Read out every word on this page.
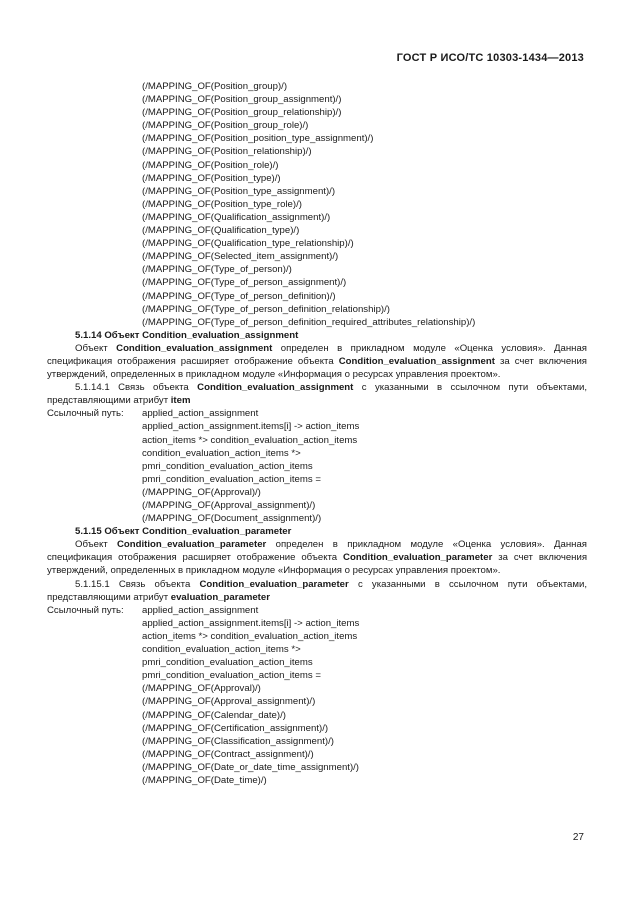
ГОСТ Р ИСО/ТС 10303-1434—2013
(/MAPPING_OF(Position_group)/)
(/MAPPING_OF(Position_group_assignment)/)
(/MAPPING_OF(Position_group_relationship)/)
(/MAPPING_OF(Position_group_role)/)
(/MAPPING_OF(Position_position_type_assignment)/)
(/MAPPING_OF(Position_relationship)/)
(/MAPPING_OF(Position_role)/)
(/MAPPING_OF(Position_type)/)
(/MAPPING_OF(Position_type_assignment)/)
(/MAPPING_OF(Position_type_role)/)
(/MAPPING_OF(Qualification_assignment)/)
(/MAPPING_OF(Qualification_type)/)
(/MAPPING_OF(Qualification_type_relationship)/)
(/MAPPING_OF(Selected_item_assignment)/)
(/MAPPING_OF(Type_of_person)/)
(/MAPPING_OF(Type_of_person_assignment)/)
(/MAPPING_OF(Type_of_person_definition)/)
(/MAPPING_OF(Type_of_person_definition_relationship)/)
(/MAPPING_OF(Type_of_person_definition_required_attributes_relationship)/)
5.1.14 Объект Condition_evaluation_assignment
Объект Condition_evaluation_assignment определен в прикладном модуле «Оценка условия». Данная спецификация отображения расширяет отображение объекта Condition_evaluation_assignment за счет включения утверждений, определенных в прикладном модуле «Информация о ресурсах управления проектом».
5.1.14.1 Связь объекта Condition_evaluation_assignment с указанными в ссылочном пути объектами, представляющими атрибут item
Ссылочный путь:	applied_action_assignment
applied_action_assignment.items[i] -> action_items
action_items *> condition_evaluation_action_items
condition_evaluation_action_items *>
pmri_condition_evaluation_action_items
pmri_condition_evaluation_action_items =
(/MAPPING_OF(Approval)/)
(/MAPPING_OF(Approval_assignment)/)
(/MAPPING_OF(Document_assignment)/)
5.1.15 Объект Condition_evaluation_parameter
Объект Condition_evaluation_parameter определен в прикладном модуле «Оценка условия». Данная спецификация отображения расширяет отображение объекта Condition_evaluation_parameter за счет включения утверждений, определенных в прикладном модуле «Информация о ресурсах управления проектом».
5.1.15.1 Связь объекта Condition_evaluation_parameter с указанными в ссылочном пути объектами, представляющими атрибут evaluation_parameter
Ссылочный путь:	applied_action_assignment
applied_action_assignment.items[i] -> action_items
action_items *> condition_evaluation_action_items
condition_evaluation_action_items *>
pmri_condition_evaluation_action_items
pmri_condition_evaluation_action_items =
(/MAPPING_OF(Approval)/)
(/MAPPING_OF(Approval_assignment)/)
(/MAPPING_OF(Calendar_date)/)
(/MAPPING_OF(Certification_assignment)/)
(/MAPPING_OF(Classification_assignment)/)
(/MAPPING_OF(Contract_assignment)/)
(/MAPPING_OF(Date_or_date_time_assignment)/)
(/MAPPING_OF(Date_time)/)
27
